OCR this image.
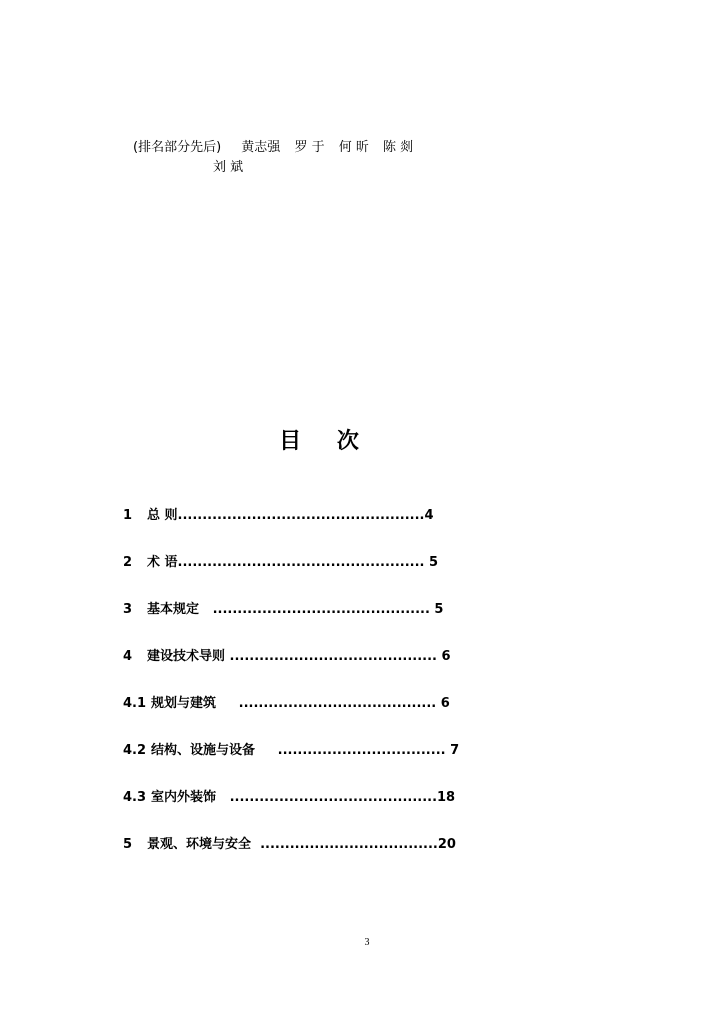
(排名部分先后) 黄志强 罗 于 何 昕 陈 剡
刘 斌
目 次
1 总 则..................................................4
2 术 语.................................................. 5
3 基本规定 ............................................ 5
4 建设技术导则 .......................................... 6
4.1 规划与建筑 ........................................ 6
4.2 结构、设施与设备 .................................. 7
4.3 室内外装饰 ..........................................18
5 景观、环境与安全 ....................................20
3
